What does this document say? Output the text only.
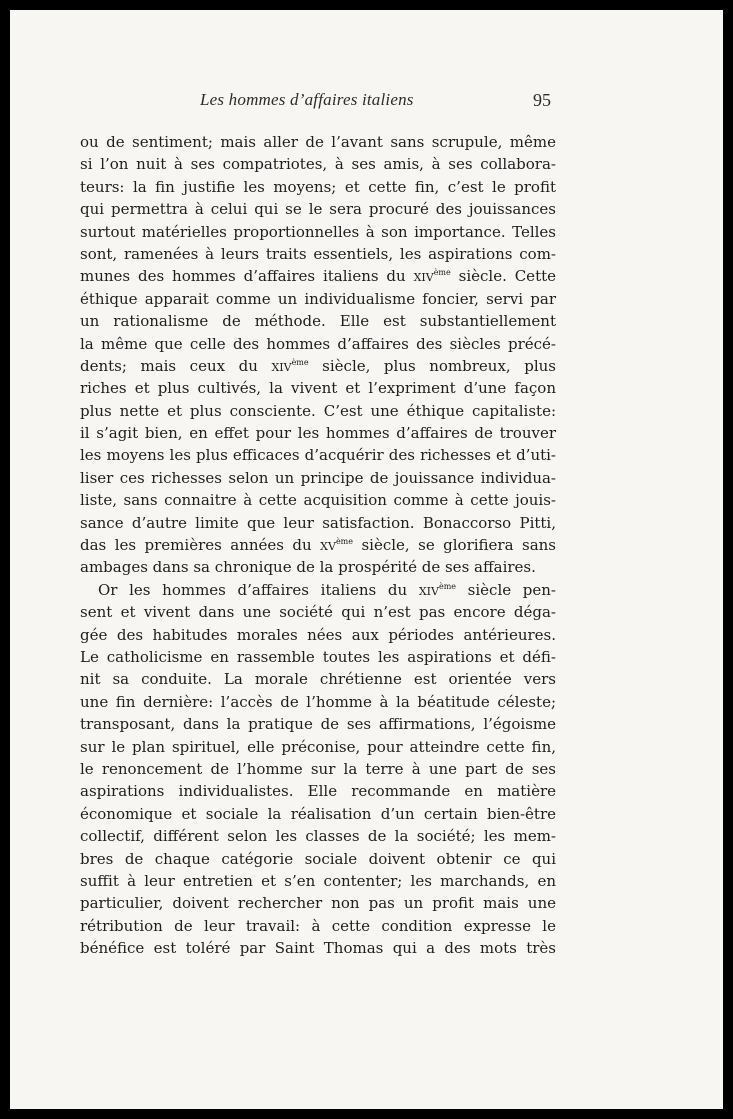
Les hommes d’affaires italiens	95
ou de sentiment; mais aller de l’avant sans scrupule, même
si l’on nuit à ses compatriotes, à ses amis, à ses collabora-
teurs: la fin justifie les moyens; et cette fin, c’est le profit
qui permettra à celui qui se le sera procuré des jouissances
surtout matérielles proportionnelles à son importance. Telles
sont, ramenées à leurs traits essentiels, les aspirations com-
munes des hommes d’affaires italiens du xiv$^{ème}$ siècle. Cette
éthique apparait comme un individualisme foncier, servi par
un rationalisme de méthode. Elle est substantiellement
la même que celle des hommes d’affaires des siècles précé-
dents; mais ceux du xiv$^{ème}$ siècle, plus nombreux, plus
riches et plus cultivés, la vivent et l’expriment d’une façon
plus nette et plus consciente. C’est une éthique capitaliste:
il s’agit bien, en effet pour les hommes d’affaires de trouver
les moyens les plus efficaces d’acquérir des richesses et d’uti-
liser ces richesses selon un principe de jouissance individua-
liste, sans connaitre à cette acquisition comme à cette jouis-
sance d’autre limite que leur satisfaction. Bonaccorso Pitti,
das les premières années du $xv^{ème}$ siècle, se glorifiera sans
ambages dans sa chronique de la prospérité de ses affaires.
Or les hommes d’affaires italiens du xiv$^{ème}$ siècle pen-
sent et vivent dans une société qui n’est pas encore déga-
gée des habitudes morales nées aux périodes antérieures.
Le catholicisme en rassemble toutes les aspirations et défi-
nit sa conduite. La morale chrétienne est orientée vers
une fin dernière: l’accès de l’homme à la béatitude céleste;
transposant, dans la pratique de ses affirmations, l’égoisme
sur le plan spirituel, elle préconise, pour atteindre cette fin,
le renoncement de l’homme sur la terre à une part de ses
aspirations individualistes. Elle recommande en matière
économique et sociale la réalisation d’un certain bien-être
collectif, différent selon les classes de la société; les mem-
bres de chaque catégorie sociale doivent obtenir ce qui
suffit à leur entretien et s’en contenter; les marchands, en
particulier, doivent rechercher non pas un profit mais une
rétribution de leur travail: à cette condition expresse le
bénéfice est toléré par Saint Thomas qui a des mots très
